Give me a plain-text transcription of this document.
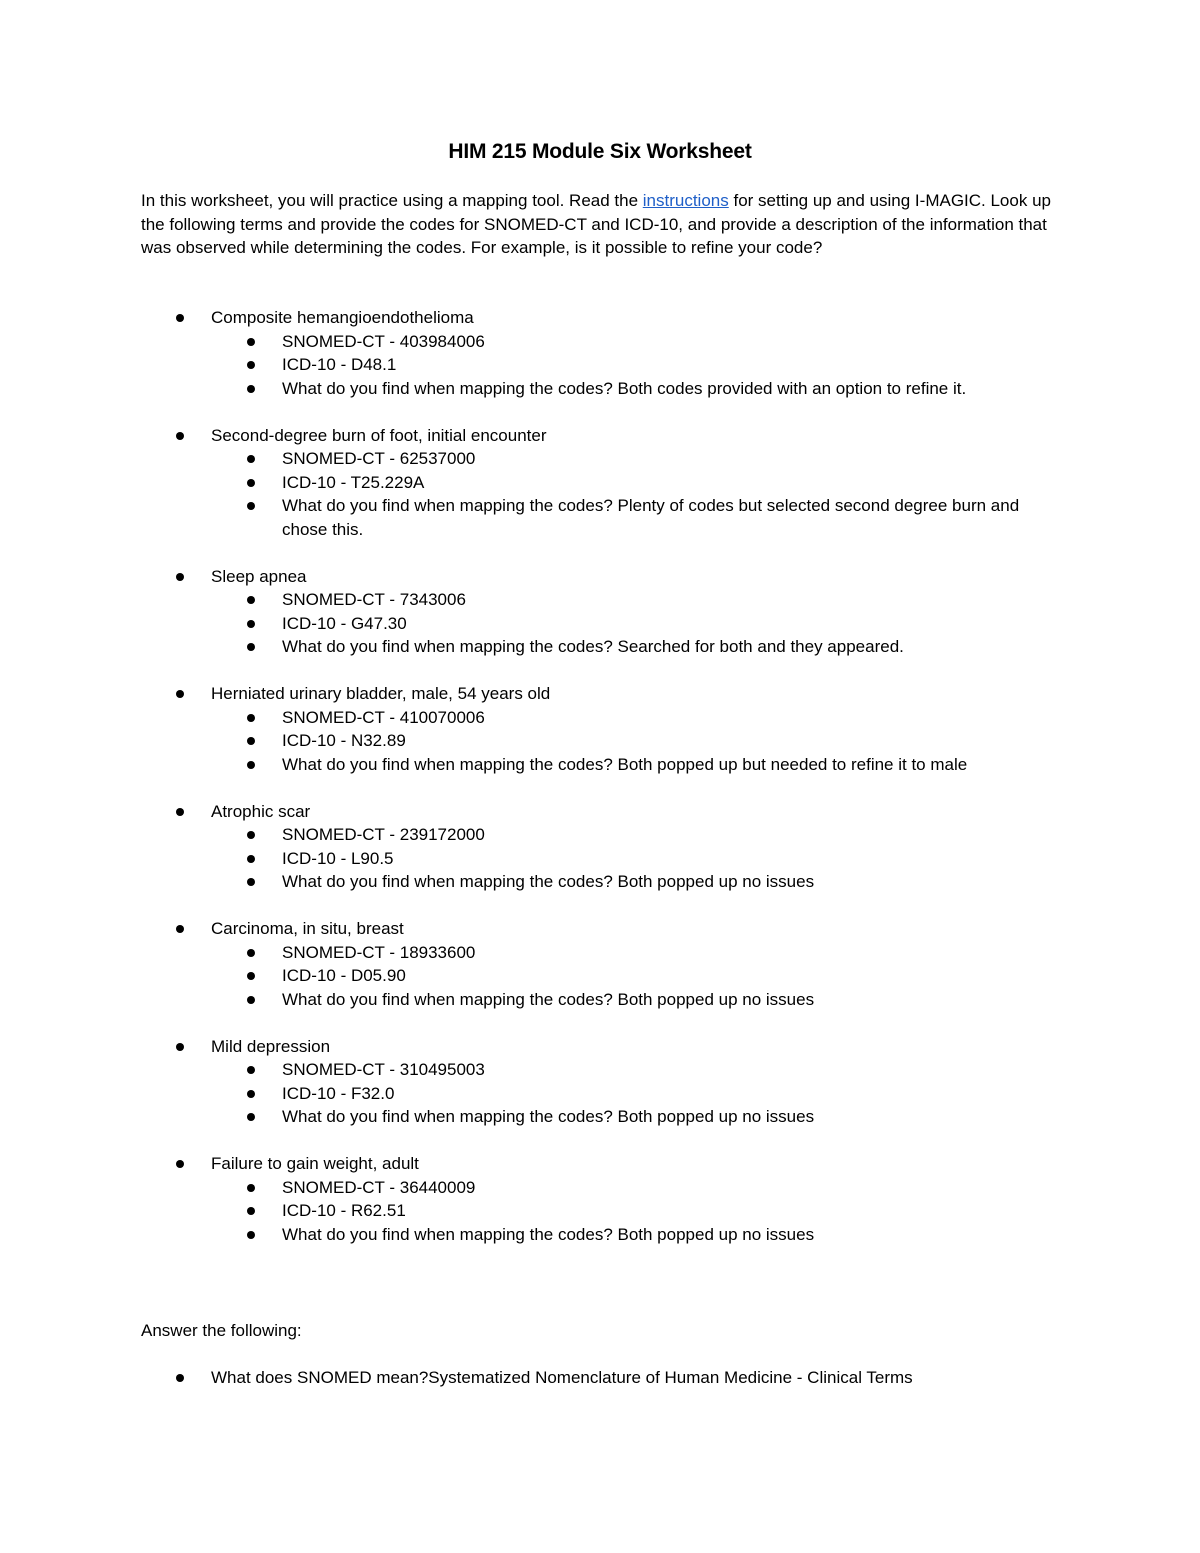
HIM 215 Module Six Worksheet

In this worksheet, you will practice using a mapping tool. Read the instructions for setting up and using I-MAGIC. Look up the following terms and provide the codes for SNOMED-CT and ICD-10, and provide a description of the information that was observed while determining the codes. For example, is it possible to refine your code?

Composite hemangioendothelioma
SNOMED-CT - 403984006
ICD-10 - D48.1
What do you find when mapping the codes? Both codes provided with an option to refine it.
Second-degree burn of foot, initial encounter
SNOMED-CT - 62537000
ICD-10 - T25.229A
What do you find when mapping the codes? Plenty of codes but selected second degree burn and chose this.
Sleep apnea
SNOMED-CT - 7343006
ICD-10 - G47.30
What do you find when mapping the codes? Searched for both and they appeared.
Herniated urinary bladder, male, 54 years old
SNOMED-CT - 410070006
ICD-10 - N32.89
What do you find when mapping the codes? Both popped up but needed to refine it to male
Atrophic scar
SNOMED-CT - 239172000
ICD-10 - L90.5
What do you find when mapping the codes? Both popped up no issues
Carcinoma, in situ, breast
SNOMED-CT - 18933600
ICD-10 - D05.90
What do you find when mapping the codes? Both popped up no issues
Mild depression
SNOMED-CT - 310495003
ICD-10 - F32.0
What do you find when mapping the codes? Both popped up no issues
Failure to gain weight, adult
SNOMED-CT - 36440009
ICD-10 - R62.51
What do you find when mapping the codes? Both popped up no issues
Answer the following:
What does SNOMED mean?Systematized Nomenclature of Human Medicine - Clinical Terms
